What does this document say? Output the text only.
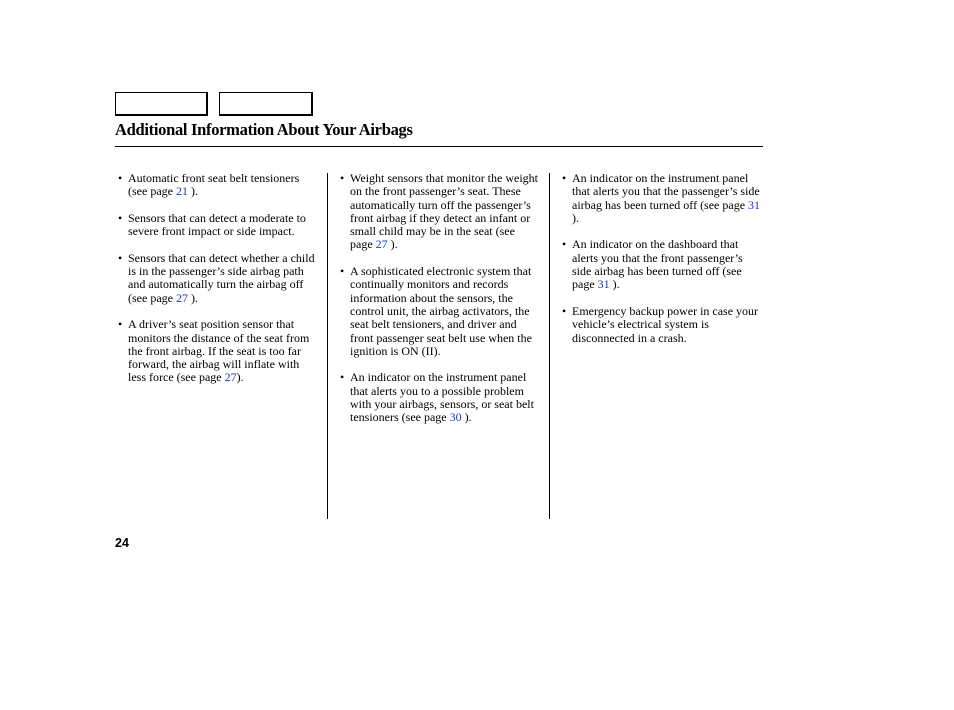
Additional Information About Your Airbags
• Automatic front seat belt tensioners (see page 21 ).
• Sensors that can detect a moderate to severe front impact or side impact.
• Sensors that can detect whether a child is in the passenger’s side airbag path and automatically turn the airbag off (see page 27 ).
• A driver’s seat position sensor that monitors the distance of the seat from the front airbag. If the seat is too far forward, the airbag will inflate with less force (see page 27).
• Weight sensors that monitor the weight on the front passenger’s seat. These automatically turn off the passenger’s front airbag if they detect an infant or small child may be in the seat (see page 27 ).
• A sophisticated electronic system that continually monitors and records information about the sensors, the control unit, the airbag activators, the seat belt tensioners, and driver and front passenger seat belt use when the ignition is ON (II).
• An indicator on the instrument panel that alerts you to a possible problem with your airbags, sensors, or seat belt tensioners (see page 30 ).
• An indicator on the instrument panel that alerts you that the passenger’s side airbag has been turned off (see page 31 ).
• An indicator on the dashboard that alerts you that the front passenger’s side airbag has been turned off (see page 31 ).
• Emergency backup power in case your vehicle’s electrical system is disconnected in a crash.
24
